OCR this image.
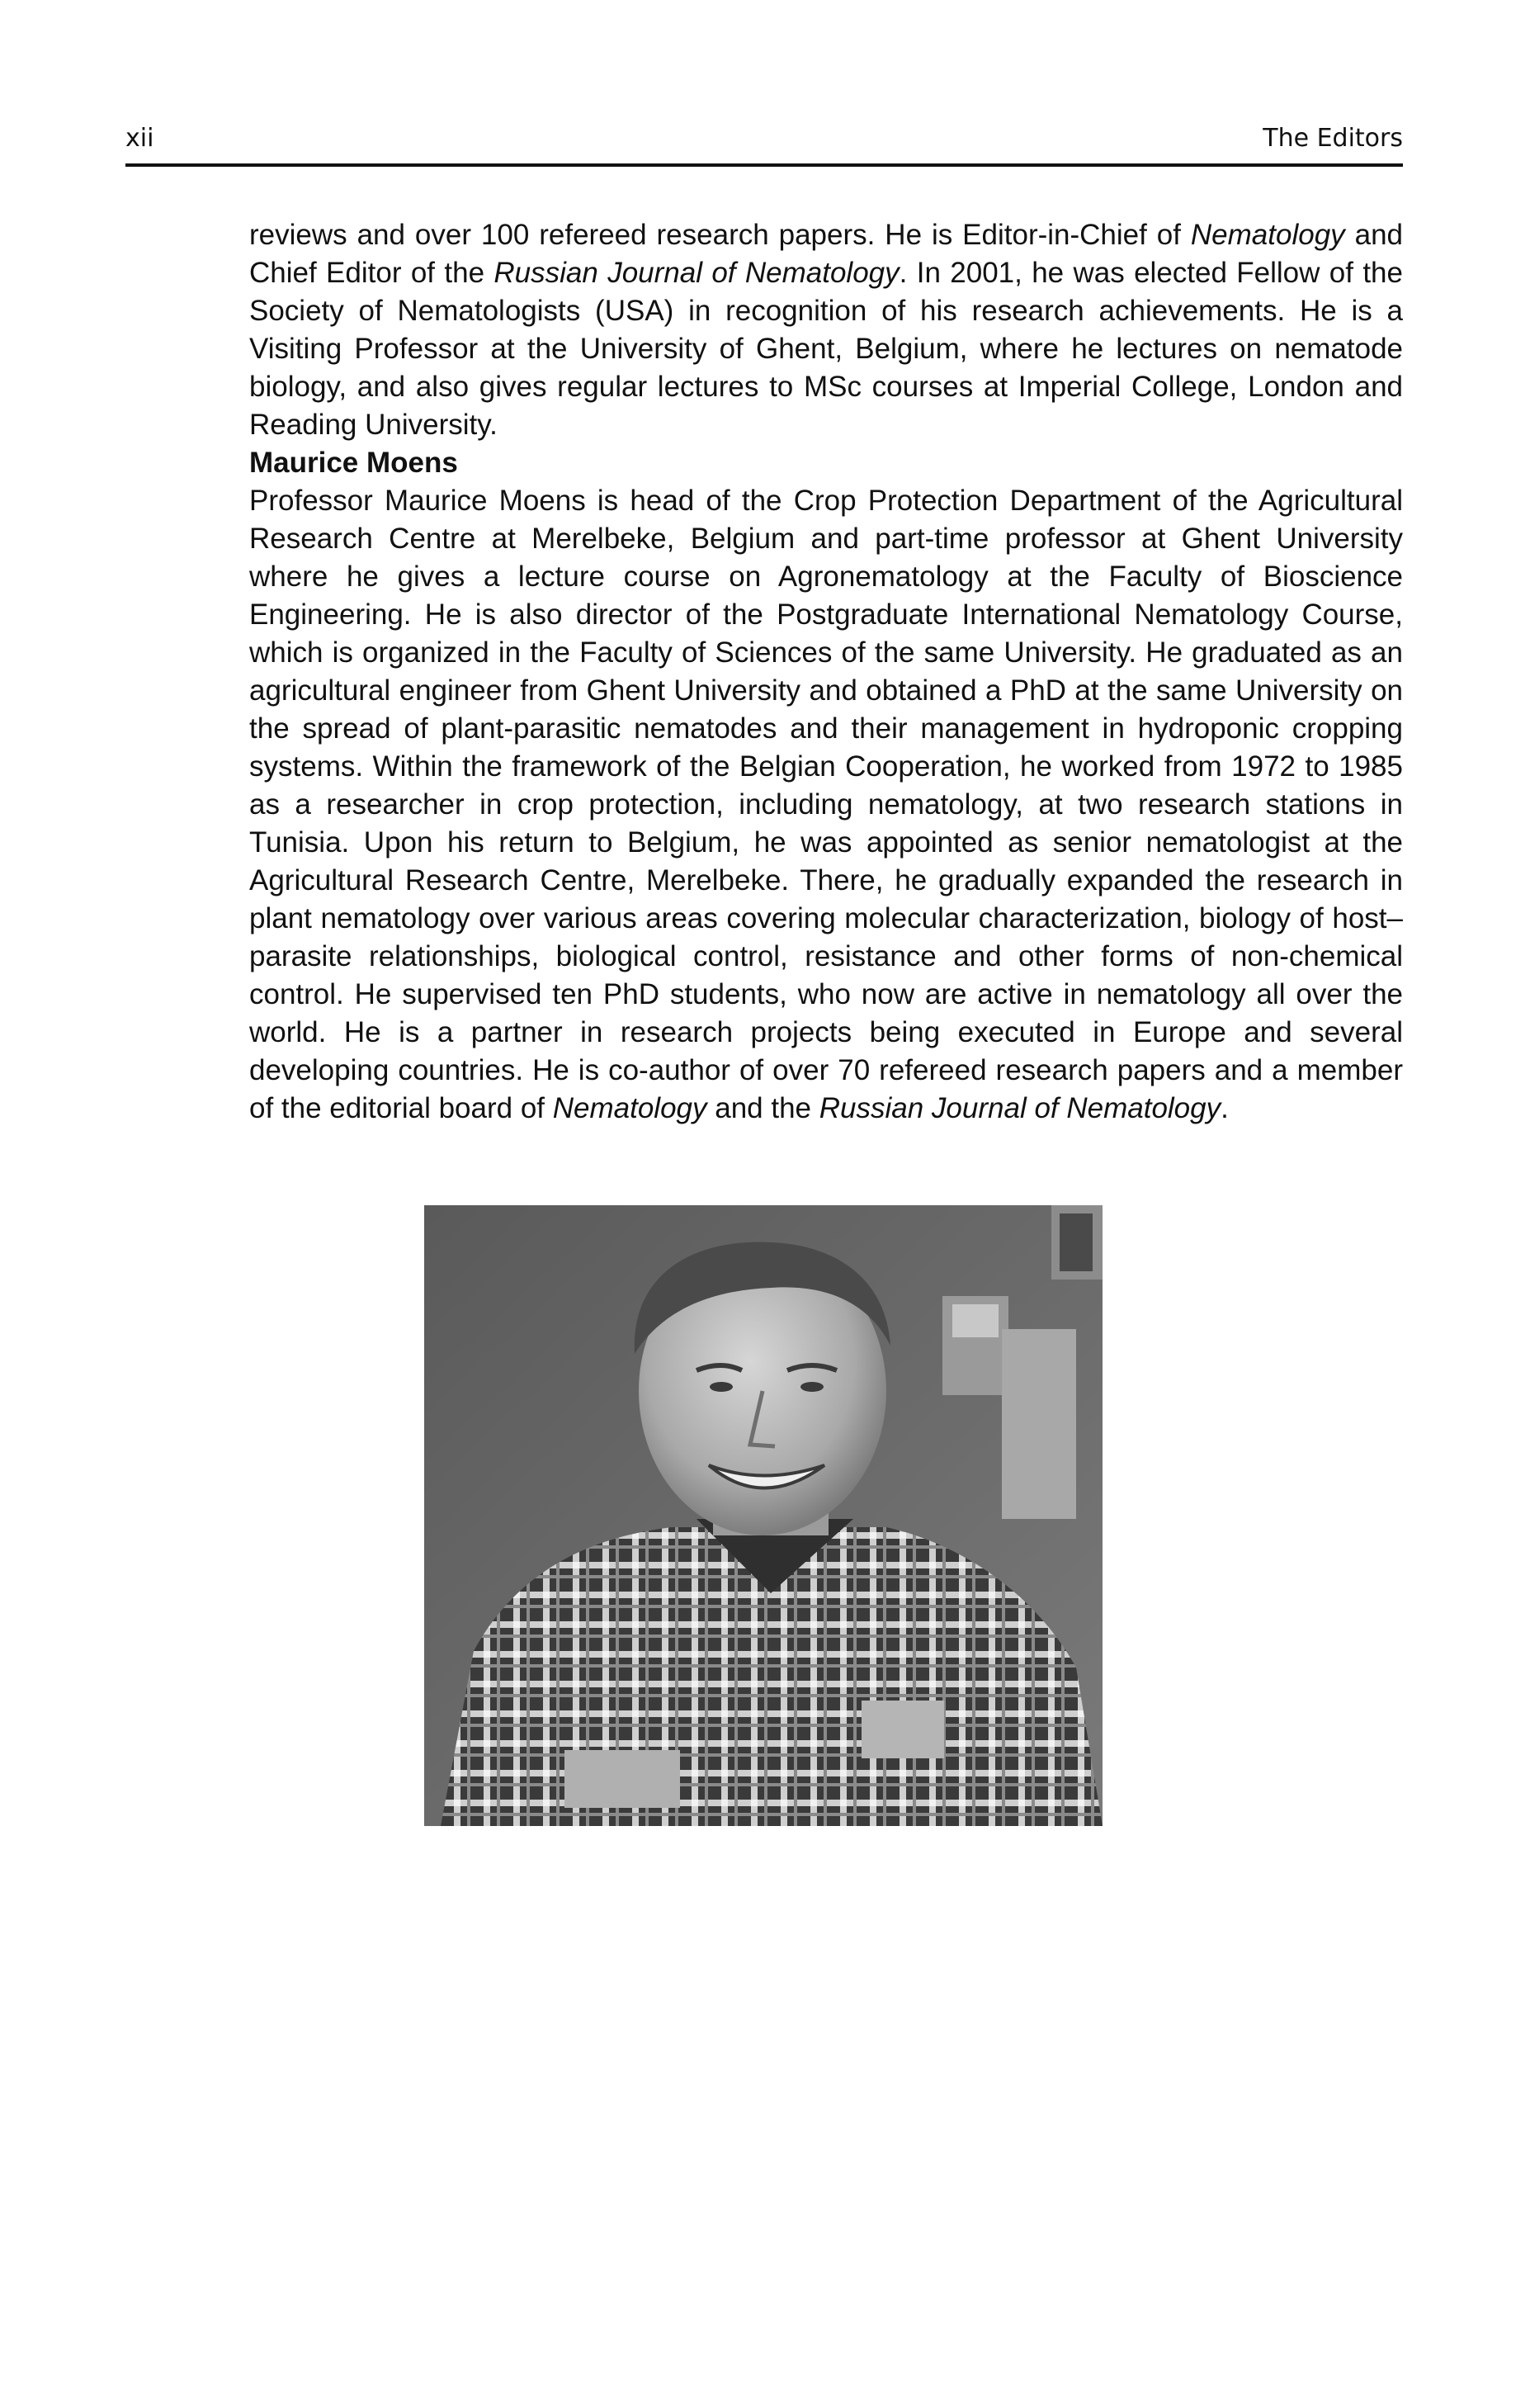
xii	The Editors

reviews and over 100 refereed research papers. He is Editor-in-Chief of Nematology and Chief Editor of the Russian Journal of Nematology. In 2001, he was elected Fellow of the Society of Nematologists (USA) in recognition of his research achievements. He is a Visiting Professor at the University of Ghent, Belgium, where he lectures on nematode biology, and also gives regular lectures to MSc courses at Imperial College, London and Reading University.

Maurice Moens

Professor Maurice Moens is head of the Crop Protection Department of the Agricultural Research Centre at Merelbeke, Belgium and part-time professor at Ghent University where he gives a lecture course on Agronematology at the Faculty of Bioscience Engineering. He is also director of the Postgraduate International Nematology Course, which is organized in the Faculty of Sciences of the same University. He graduated as an agricultural engineer from Ghent University and obtained a PhD at the same University on the spread of plant-parasitic nematodes and their management in hydroponic cropping systems. Within the framework of the Belgian Cooperation, he worked from 1972 to 1985 as a researcher in crop protection, including nematology, at two research stations in Tunisia. Upon his return to Belgium, he was appointed as senior nematologist at the Agricultural Research Centre, Merelbeke. There, he gradually expanded the research in plant nematology over various areas covering molecular characterization, biology of host–parasite relationships, biological control, resistance and other forms of non-chemical control. He supervised ten PhD students, who now are active in nematology all over the world. He is a partner in research projects being executed in Europe and several developing countries. He is co-author of over 70 refereed research papers and a member of the editorial board of Nematology and the Russian Journal of Nematology.
